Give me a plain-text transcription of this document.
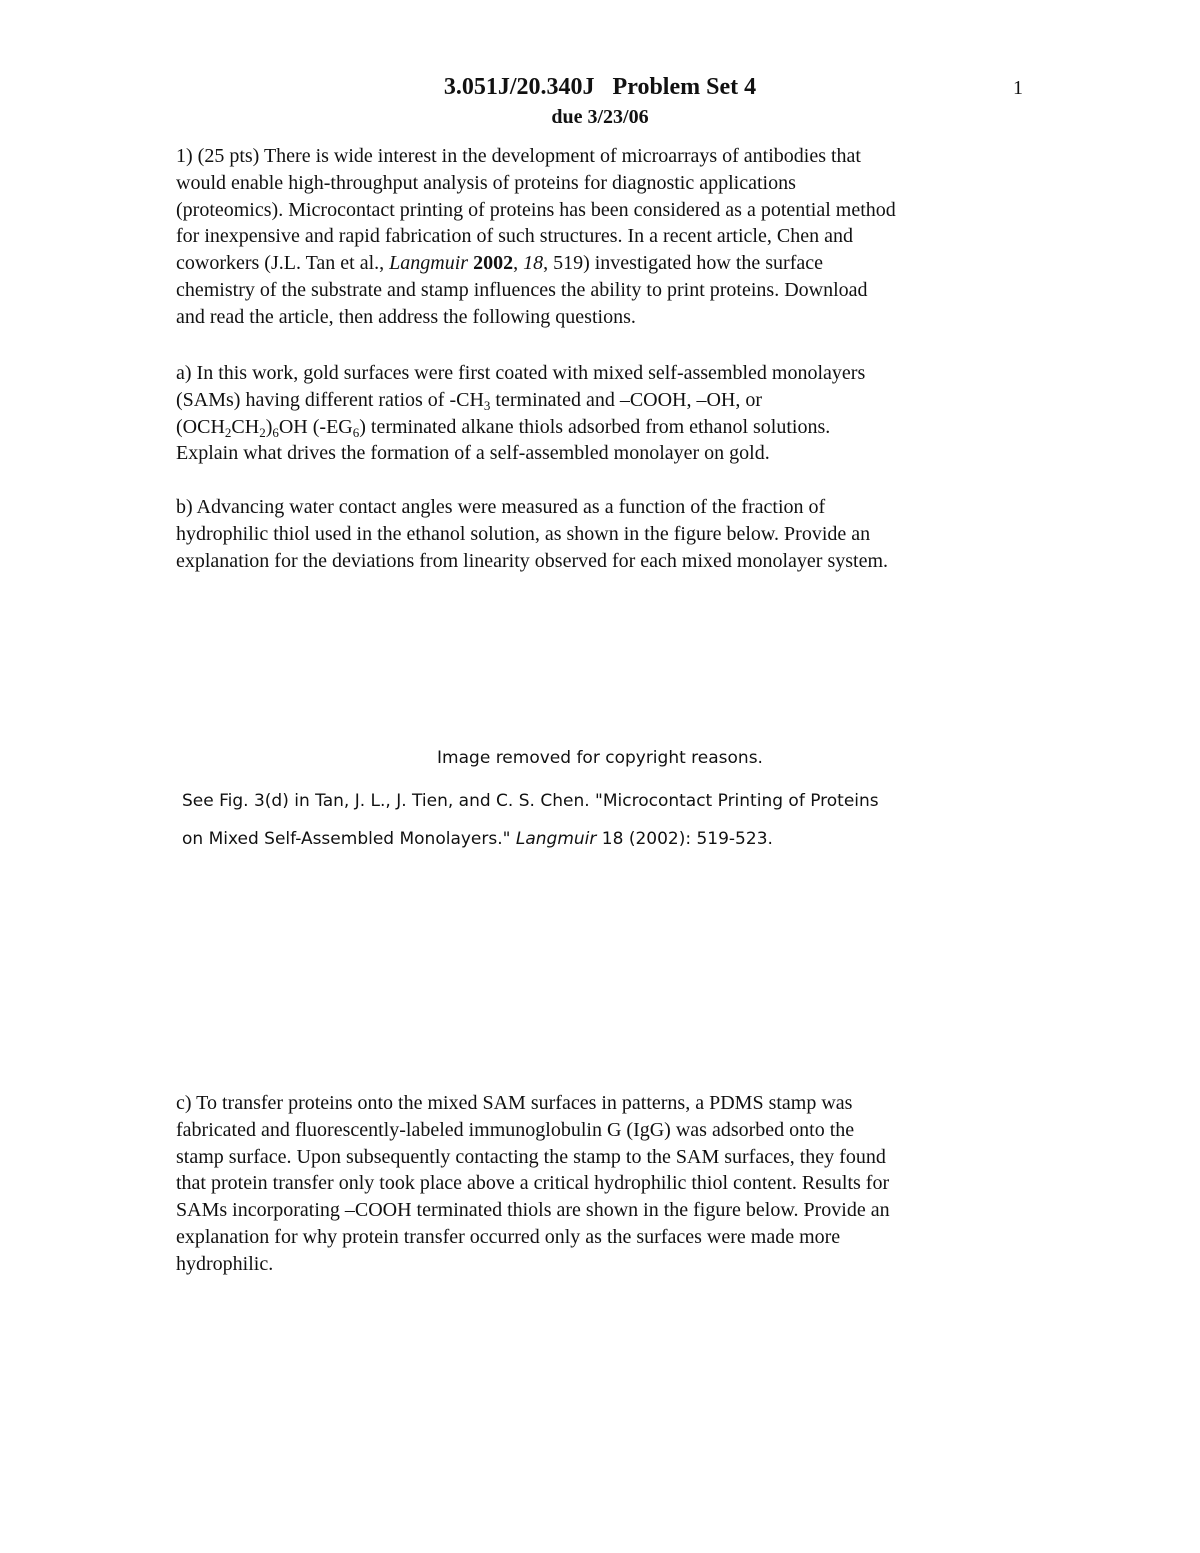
3.051J/20.340J   Problem Set 4
due 3/23/06
1

1) (25 pts) There is wide interest in the development of microarrays of antibodies that
would enable high-throughput analysis of proteins for diagnostic applications
(proteomics). Microcontact printing of proteins has been considered as a potential method
for inexpensive and rapid fabrication of such structures. In a recent article, Chen and
coworkers (J.L. Tan et al., Langmuir 2002, 18, 519) investigated how the surface
chemistry of the substrate and stamp influences the ability to print proteins. Download
and read the article, then address the following questions.

a) In this work, gold surfaces were first coated with mixed self-assembled monolayers
(SAMs) having different ratios of $-CH_3$ terminated and –COOH, –OH, or
$(OCH_2CH_2)_6OH$ $(-EG_6)$ terminated alkane thiols adsorbed from ethanol solutions.
Explain what drives the formation of a self-assembled monolayer on gold.

b) Advancing water contact angles were measured as a function of the fraction of
hydrophilic thiol used in the ethanol solution, as shown in the figure below. Provide an
explanation for the deviations from linearity observed for each mixed monolayer system.

Image removed for copyright reasons.

See Fig. 3(d) in Tan, J. L., J. Tien, and C. S. Chen. "Microcontact Printing of Proteins
on Mixed Self-Assembled Monolayers." Langmuir 18 (2002): 519-523.

c) To transfer proteins onto the mixed SAM surfaces in patterns, a PDMS stamp was
fabricated and fluorescently-labeled immunoglobulin G (IgG) was adsorbed onto the
stamp surface. Upon subsequently contacting the stamp to the SAM surfaces, they found
that protein transfer only took place above a critical hydrophilic thiol content. Results for
SAMs incorporating –COOH terminated thiols are shown in the figure below. Provide an
explanation for why protein transfer occurred only as the surfaces were made more
hydrophilic.
